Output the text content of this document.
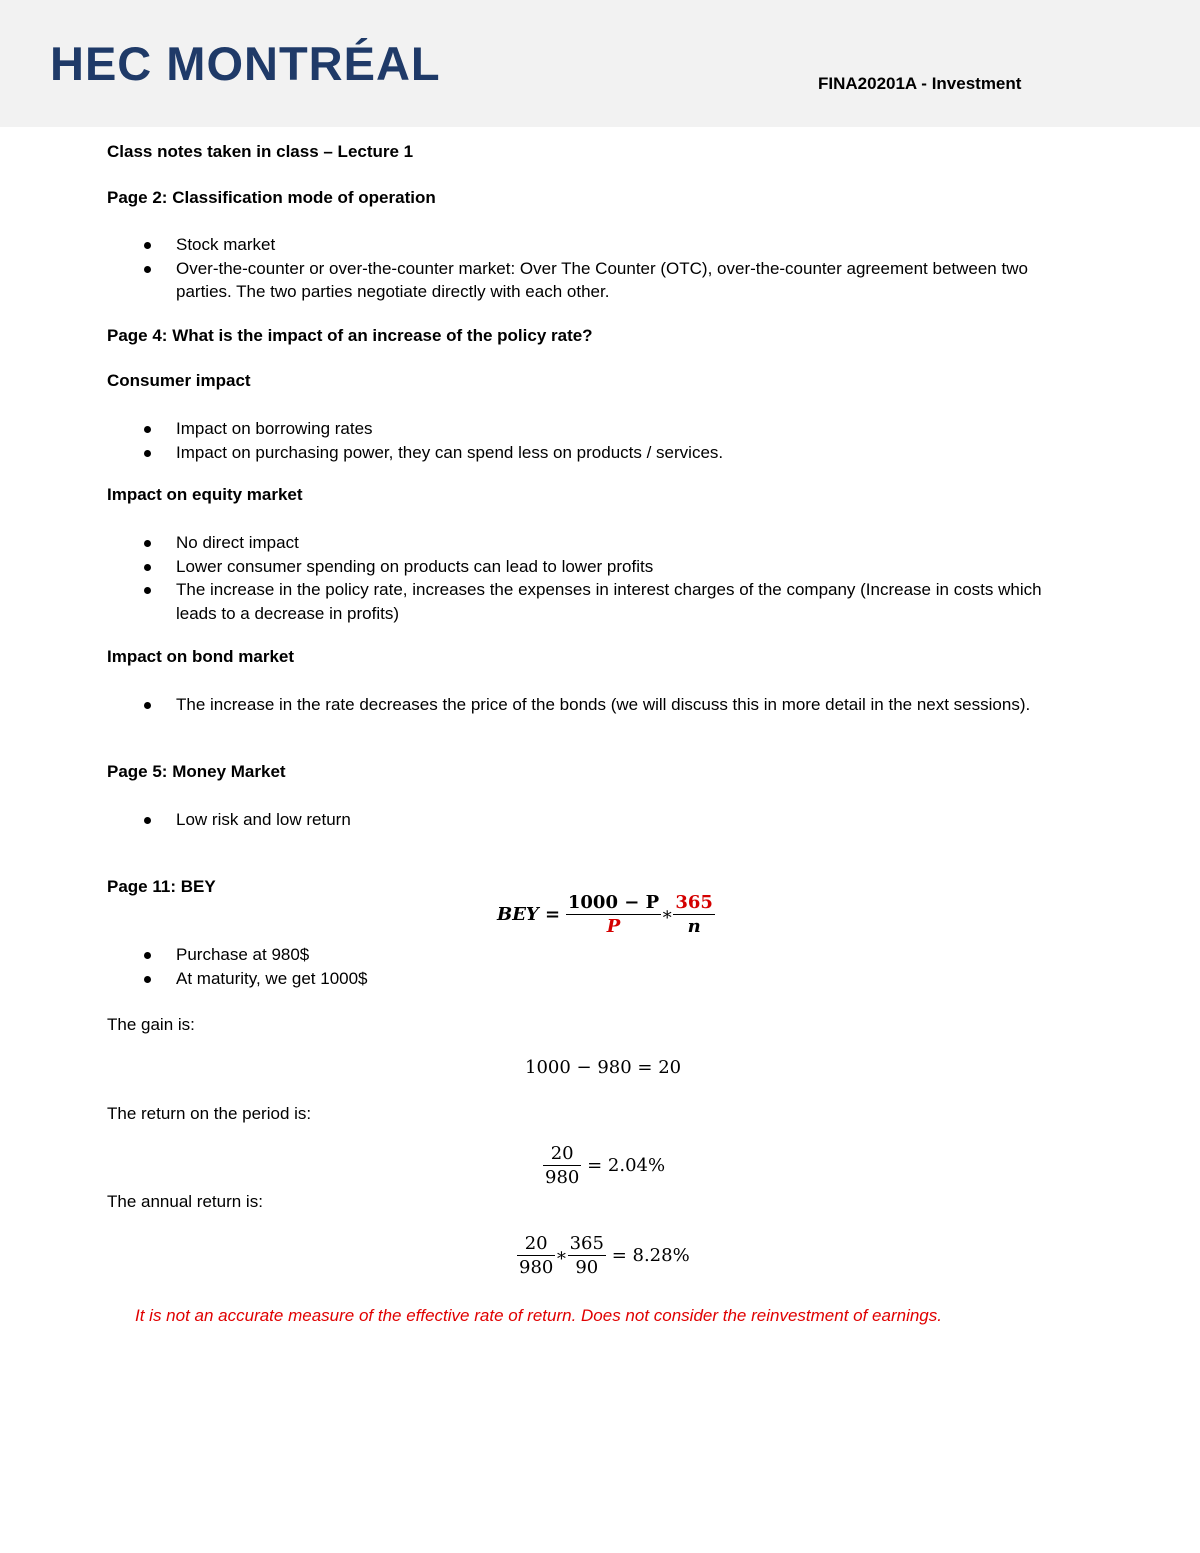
HEC MONTRÉAL	FINA20201A - Investment
Class notes taken in class – Lecture 1
Page 2: Classification mode of operation
Stock market
Over-the-counter or over-the-counter market: Over The Counter (OTC), over-the-counter agreement between two parties. The two parties negotiate directly with each other.
Page 4: What is the impact of an increase of the policy rate?
Consumer impact
Impact on borrowing rates
Impact on purchasing power, they can spend less on products / services.
Impact on equity market
No direct impact
Lower consumer spending on products can lead to lower profits
The increase in the policy rate, increases the expenses in interest charges of the company (Increase in costs which leads to a decrease in profits)
Impact on bond market
The increase in the rate decreases the price of the bonds (we will discuss this in more detail in the next sessions).
Page 5: Money Market
Low risk and low return
Page 11: BEY
BEY = $\frac{1000 - P}{P}$ ∗ $\frac{365}{n}$
Purchase at 980$
At maturity, we get 1000$
The gain is:
1000 − 980 = 20
The return on the period is:
$\frac{20}{980} = 2.04\%$
The annual return is:
$\frac{20}{980}$ ∗ $\frac{365}{90} = 8.28\%$
It is not an accurate measure of the effective rate of return. Does not consider the reinvestment of earnings.
